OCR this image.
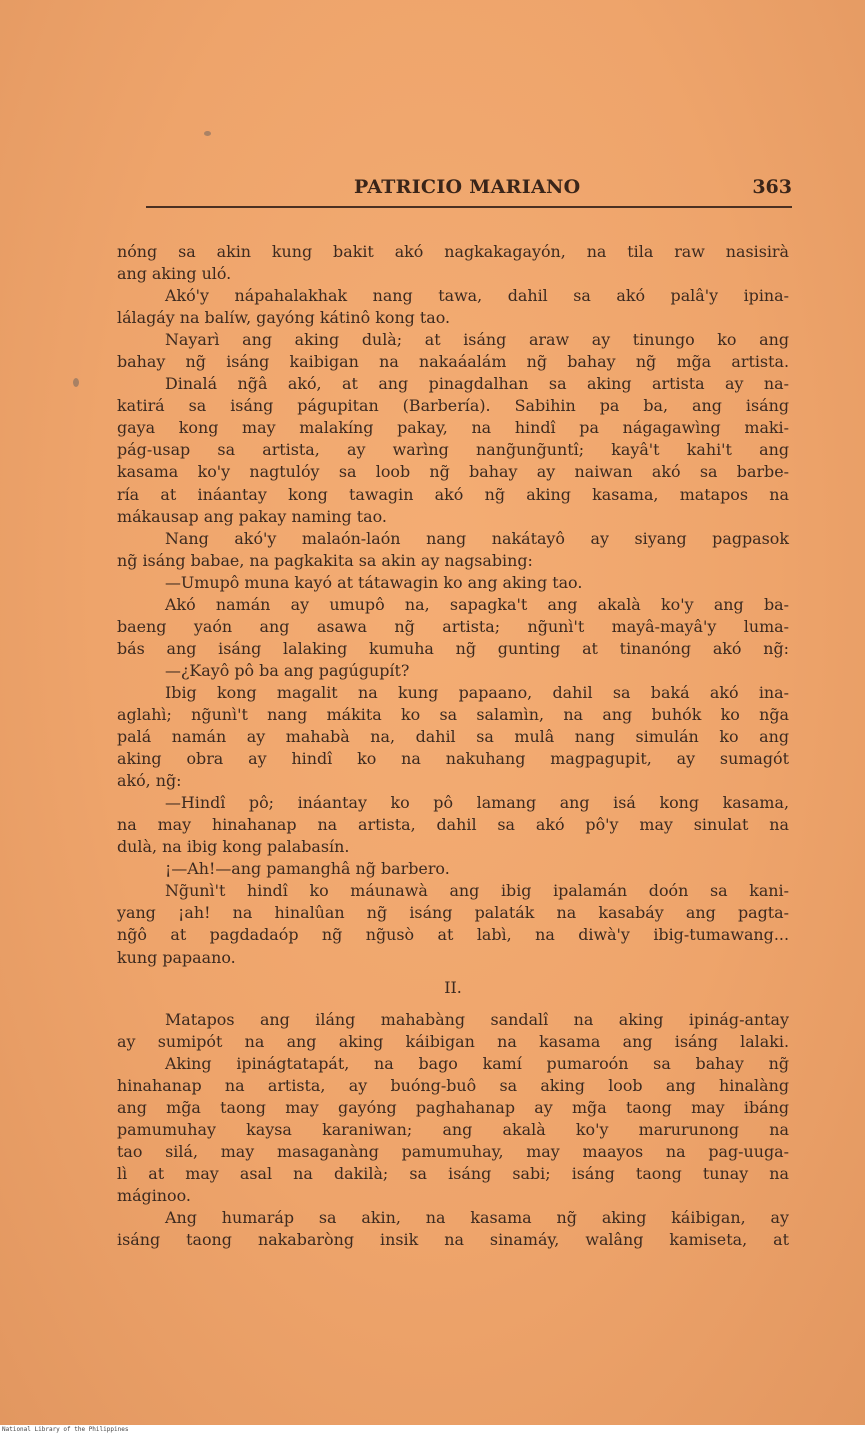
PATRICIO MARIANO	363
nóng sa akin kung bakit akó nagkakagayón, na tila raw nasisirà
ang aking uló.
Akó'y nápahalakhak nang tawa, dahil sa akó palâ'y ipina-
lálagáy na balíw, gayóng kátinô kong tao.
Nayarì ang aking dulà; at isáng araw ay tinungo ko ang
bahay ng̃ isáng kaibigan na nakaáalám ng̃ bahay ng̃ mg̃a artista.
Dinalá ng̃â akó, at ang pinagdalhan sa aking artista ay na-
katirá sa isáng págupitan (Barbería). Sabihin pa ba, ang isáng
gaya kong may malakíng pakay, na hindî pa nágagawìng maki-
pág-usap sa artista, ay warìng nang̃ung̃untî; kayâ't kahi't ang
kasama ko'y nagtulóy sa loob ng̃ bahay ay naiwan akó sa barbe-
ría at ináantay kong tawagin akó ng̃ aking kasama, matapos na
mákausap ang pakay naming tao.
Nang akó'y malaón-laón nang nakátayô ay siyang pagpasok
ng̃ isáng babae, na pagkakita sa akin ay nagsabing:
—Umupô muna kayó at tátawagin ko ang aking tao.
Akó namán ay umupô na, sapagka't ang akalà ko'y ang ba-
baeng yaón ang asawa ng̃ artista; ng̃unì't mayâ-mayâ'y luma-
bás ang isáng lalaking kumuha ng̃ gunting at tinanóng akó ng̃:
—¿Kayô pô ba ang pagúgupít?
Ibig kong magalit na kung papaano, dahil sa baká akó ina-
aglahì; ng̃unì't nang mákita ko sa salamìn, na ang buhók ko ng̃a
palá namán ay mahabà na, dahil sa mulâ nang simulán ko ang
aking obra ay hindî ko na nakuhang magpagupit, ay sumagót
akó, ng̃:
—Hindî pô; ináantay ko pô lamang ang isá kong kasama,
na may hinahanap na artista, dahil sa akó pô'y may sinulat na
dulà, na ibig kong palabasín.
¡—Ah!—ang pamanghâ ng̃ barbero.
Ng̃unì't hindî ko máunawà ang ibig ipalamán doón sa kani-
yang ¡ah! na hinalûan ng̃ isáng palaták na kasabáy ang pagta-
ng̃ô at pagdadaóp ng̃ ng̃usò at labì, na diwà'y ibig-tumawang...
kung papaano.
II.
Matapos ang iláng mahabàng sandalî na aking ipinág-antay
ay sumipót na ang aking káibigan na kasama ang isáng lalaki.
Aking ipinágtatapát, na bago kamí pumaroón sa bahay ng̃
hinahanap na artista, ay buóng-buô sa aking loob ang hinalàng
ang mg̃a taong may gayóng paghahanap ay mg̃a taong may ibáng
pamumuhay kaysa karaniwan; ang akalà ko'y marurunong na
tao silá, may masaganàng pamumuhay, may maayos na pag-uuga-
lì at may asal na dakilà; sa isáng sabi; isáng taong tunay na
máginoo.
Ang humaráp sa akin, na kasama ng̃ aking káibigan, ay
isáng taong nakabaròng insik na sinamáy, walâng kamiseta, at
National Library of the Philippines
